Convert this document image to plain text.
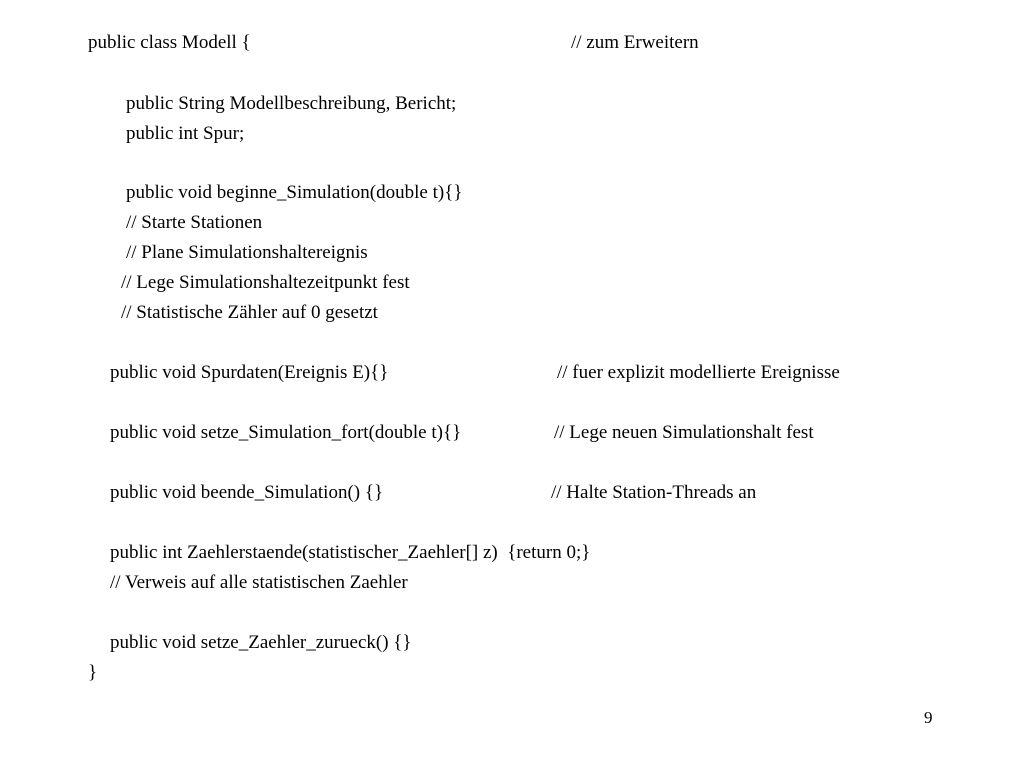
public class Modell {	// zum Erweitern
public String Modellbeschreibung, Bericht;
public int Spur;
public void beginne_Simulation(double t){}
// Starte Stationen
// Plane Simulationshaltereignis
// Lege Simulationshaltezeitpunkt fest
// Statistische Zähler auf 0 gesetzt
public void Spurdaten(Ereignis E){}	// fuer explizit modellierte Ereignisse
public void setze_Simulation_fort(double t){}	// Lege neuen Simulationshalt fest
public void beende_Simulation() {}	// Halte Station-Threads an
public int Zaehlerstaende(statistischer_Zaehler[] z)  {return 0;}
// Verweis auf alle statistischen Zaehler
public void setze_Zaehler_zurueck() {}
}
9
